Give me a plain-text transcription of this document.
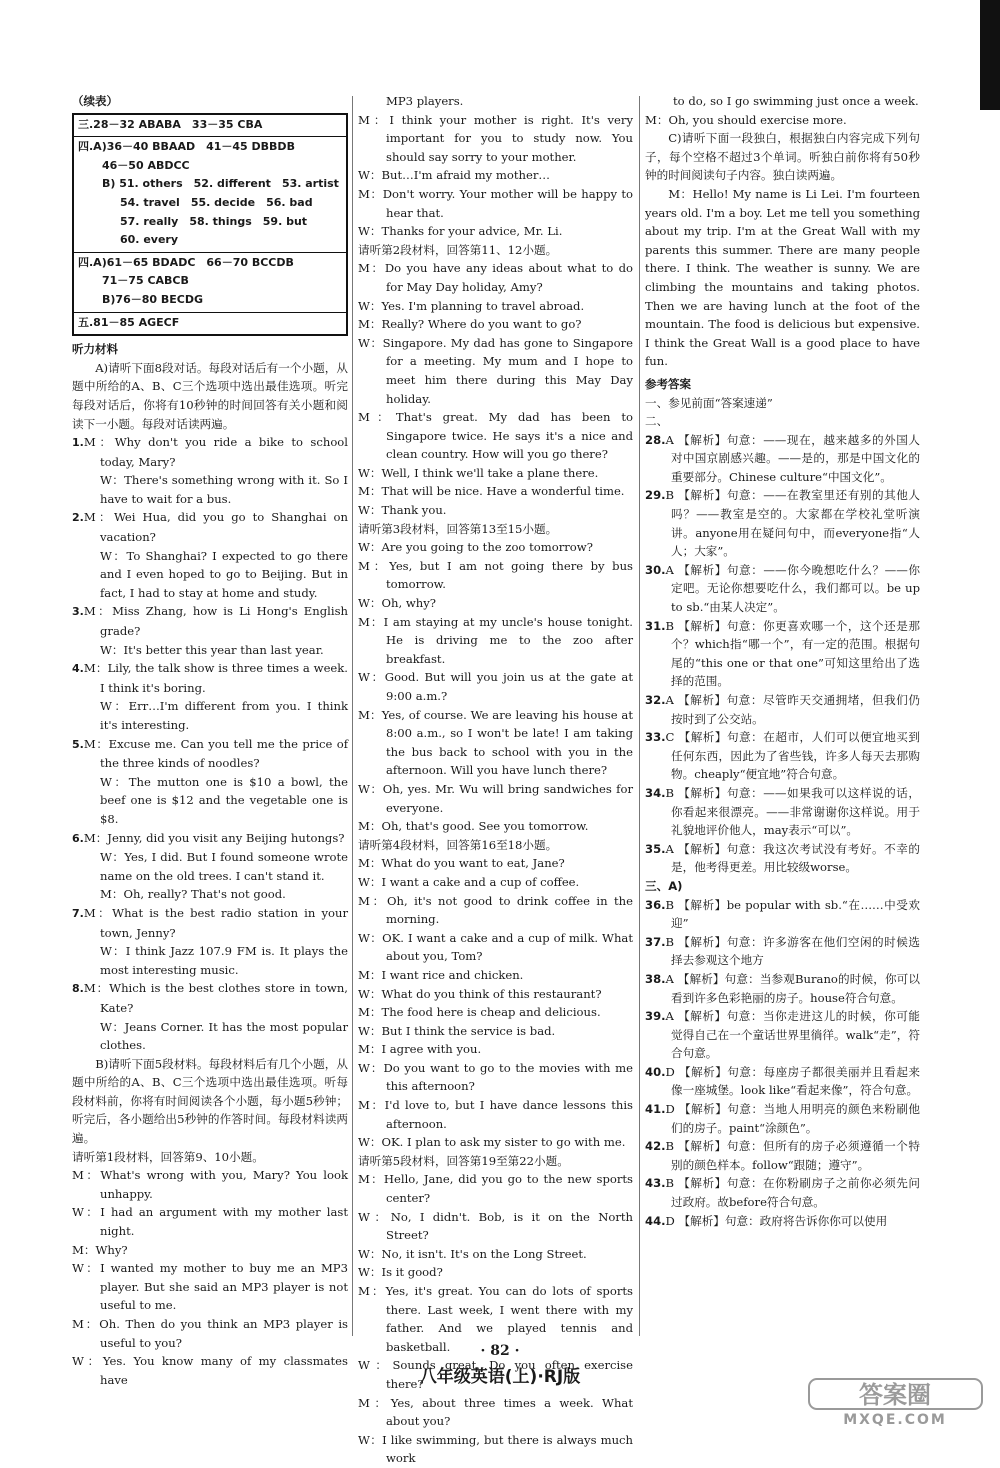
（续表）
三.28－32 ABABA　33－35 CBA
四.A)36－40 BBAAD　41－45 DBBDB
46－50 ABDCC
B) 51. others　52. different　53. artist
54. travel　55. decide　56. bad
57. really　58. things　59. but
60. every
四.A)61－65 BDADC　66－70 BCCDB
71－75 CABCB
B)76－80 BECDG
五.81－85 AGECF
听力材料
A)请听下面8段对话。每段对话后有一个小题，从题中所给的A、B、C三个选项中选出最佳选项。听完每段对话后，你将有10秒钟的时间回答有关小题和阅读下一小题。每段对话读两遍。
1.M：Why don't you ride a bike to school today, Mary?
W：There's something wrong with it. So I have to wait for a bus.
2.M：Wei Hua, did you go to Shanghai on vacation?
W：To Shanghai? I expected to go there and I even hoped to go to Beijing. But in fact, I had to stay at home and study.
3.M：Miss Zhang, how is Li Hong's English grade?
W：It's better this year than last year.
4.M：Lily, the talk show is three times a week. I think it's boring.
W：Err…I'm different from you. I think it's interesting.
5.M：Excuse me. Can you tell me the price of the three kinds of noodles?
W：The mutton one is $10 a bowl, the beef one is $12 and the vegetable one is $8.
6.M：Jenny, did you visit any Beijing hutongs?
W：Yes, I did. But I found someone wrote name on the old trees. I can't stand it.
M：Oh, really? That's not good.
7.M：What is the best radio station in your town, Jenny?
W：I think Jazz 107.9 FM is. It plays the most interesting music.
8.M：Which is the best clothes store in town, Kate?
W：Jeans Corner. It has the most popular clothes.
B)请听下面5段材料。每段材料后有几个小题，从题中所给的A、B、C三个选项中选出最佳选项。听每段材料前，你将有时间阅读各个小题，每小题5秒钟；听完后，各小题给出5秒钟的作答时间。每段材料读两遍。
请听第1段材料，回答第9、10小题。
M：What's wrong with you, Mary? You look unhappy.
W：I had an argument with my mother last night.
M：Why?
W：I wanted my mother to buy me an MP3 player. But she said an MP3 player is not useful to me.
M：Oh. Then do you think an MP3 player is useful to you?
W：Yes. You know many of my classmates have
MP3 players.
M：I think your mother is right. It's very important for you to study now. You should say sorry to your mother.
W：But…I'm afraid my mother…
M：Don't worry. Your mother will be happy to hear that.
W：Thanks for your advice, Mr. Li.
请听第2段材料，回答第11、12小题。
M：Do you have any ideas about what to do for May Day holiday, Amy?
W：Yes. I'm planning to travel abroad.
M：Really? Where do you want to go?
W：Singapore. My dad has gone to Singapore for a meeting. My mum and I hope to meet him there during this May Day holiday.
M：That's great. My dad has been to Singapore twice. He says it's a nice and clean country. How will you go there?
W：Well, I think we'll take a plane there.
M：That will be nice. Have a wonderful time.
W：Thank you.
请听第3段材料，回答第13至15小题。
W：Are you going to the zoo tomorrow?
M：Yes, but I am not going there by bus tomorrow.
W：Oh, why?
M：I am staying at my uncle's house tonight. He is driving me to the zoo after breakfast.
W：Good. But will you join us at the gate at 9:00 a.m.?
M：Yes, of course. We are leaving his house at 8:00 a.m., so I won't be late! I am taking the bus back to school with you in the afternoon. Will you have lunch there?
W：Oh, yes. Mr. Wu will bring sandwiches for everyone.
M：Oh, that's good. See you tomorrow.
请听第4段材料，回答第16至18小题。
M：What do you want to eat, Jane?
W：I want a cake and a cup of coffee.
M：Oh, it's not good to drink coffee in the morning.
W：OK. I want a cake and a cup of milk. What about you, Tom?
M：I want rice and chicken.
W：What do you think of this restaurant?
M：The food here is cheap and delicious.
W：But I think the service is bad.
M：I agree with you.
W：Do you want to go to the movies with me this afternoon?
M：I'd love to, but I have dance lessons this afternoon.
W：OK. I plan to ask my sister to go with me.
请听第5段材料，回答第19至第22小题。
M：Hello, Jane, did you go to the new sports center?
W：No, I didn't. Bob, is it on the North Street?
W：No, it isn't. It's on the Long Street.
W：Is it good?
M：Yes, it's great. You can do lots of sports there. Last week, I went there with my father. And we played tennis and basketball.
W：Sounds great. Do you often exercise there?
M：Yes, about three times a week. What about you?
W：I like swimming, but there is always much work
to do, so I go swimming just once a week.
M：Oh, you should exercise more.
C)请听下面一段独白，根据独白内容完成下列句子，每个空格不超过3个单词。听独白前你将有50秒钟的时间阅读句子内容。独白读两遍。
M：Hello! My name is Li Lei. I'm fourteen years old. I'm a boy. Let me tell you something about my trip. I'm at the Great Wall with my parents this summer. There are many people there. I think. The weather is sunny. We are climbing the mountains and taking photos. Then we are having lunch at the foot of the mountain. The food is delicious but expensive. I think the Great Wall is a good place to have fun.
参考答案
一、参见前面“答案速递”
二、
28.A 【解析】句意：——现在，越来越多的外国人对中国京剧感兴趣。——是的，那是中国文化的重要部分。Chinese culture“中国文化”。
29.B 【解析】句意：——在教室里还有别的其他人吗？——教室是空的。大家都在学校礼堂听演讲。anyone用在疑问句中，而everyone指“人人；大家”。
30.A 【解析】句意：——你今晚想吃什么？——你定吧。无论你想要吃什么，我们都可以。be up to sb.“由某人决定”。
31.B 【解析】句意：你更喜欢哪一个，这个还是那个？which指“哪一个”，有一定的范围。根据句尾的“this one or that one”可知这里给出了选择的范围。
32.A 【解析】句意：尽管昨天交通拥堵，但我们仍按时到了公交站。
33.C 【解析】句意：在超市，人们可以便宜地买到任何东西，因此为了省些钱，许多人每天去那购物。cheaply“便宜地”符合句意。
34.B 【解析】句意：——如果我可以这样说的话，你看起来很漂亮。——非常谢谢你这样说。用于礼貌地评价他人，may表示“可以”。
35.A 【解析】句意：我这次考试没有考好。不幸的是，他考得更差。用比较级worse。
三、A)
36.B 【解析】be popular with sb.“在……中受欢迎”
37.B 【解析】句意：许多游客在他们空闲的时候选择去参观这个地方
38.A 【解析】句意：当参观Burano的时候，你可以看到许多色彩艳丽的房子。house符合句意。
39.A 【解析】句意：当你走进这儿的时候，你可能觉得自己在一个童话世界里徜徉。walk“走”，符合句意。
40.D 【解析】句意：每座房子都很美丽并且看起来像一座城堡。look like“看起来像”，符合句意。
41.D 【解析】句意：当地人用明亮的颜色来粉刷他们的房子。paint“涂颜色”。
42.B 【解析】句意：但所有的房子必须遵循一个特别的颜色样本。follow“跟随；遵守”。
43.B 【解析】句意：在你粉刷房子之前你必须先问过政府。故before符合句意。
44.D 【解析】句意：政府将告诉你你可以使用
· 82 ·
八年级英语(上)·RJ版
答案圈
MXQE.COM
